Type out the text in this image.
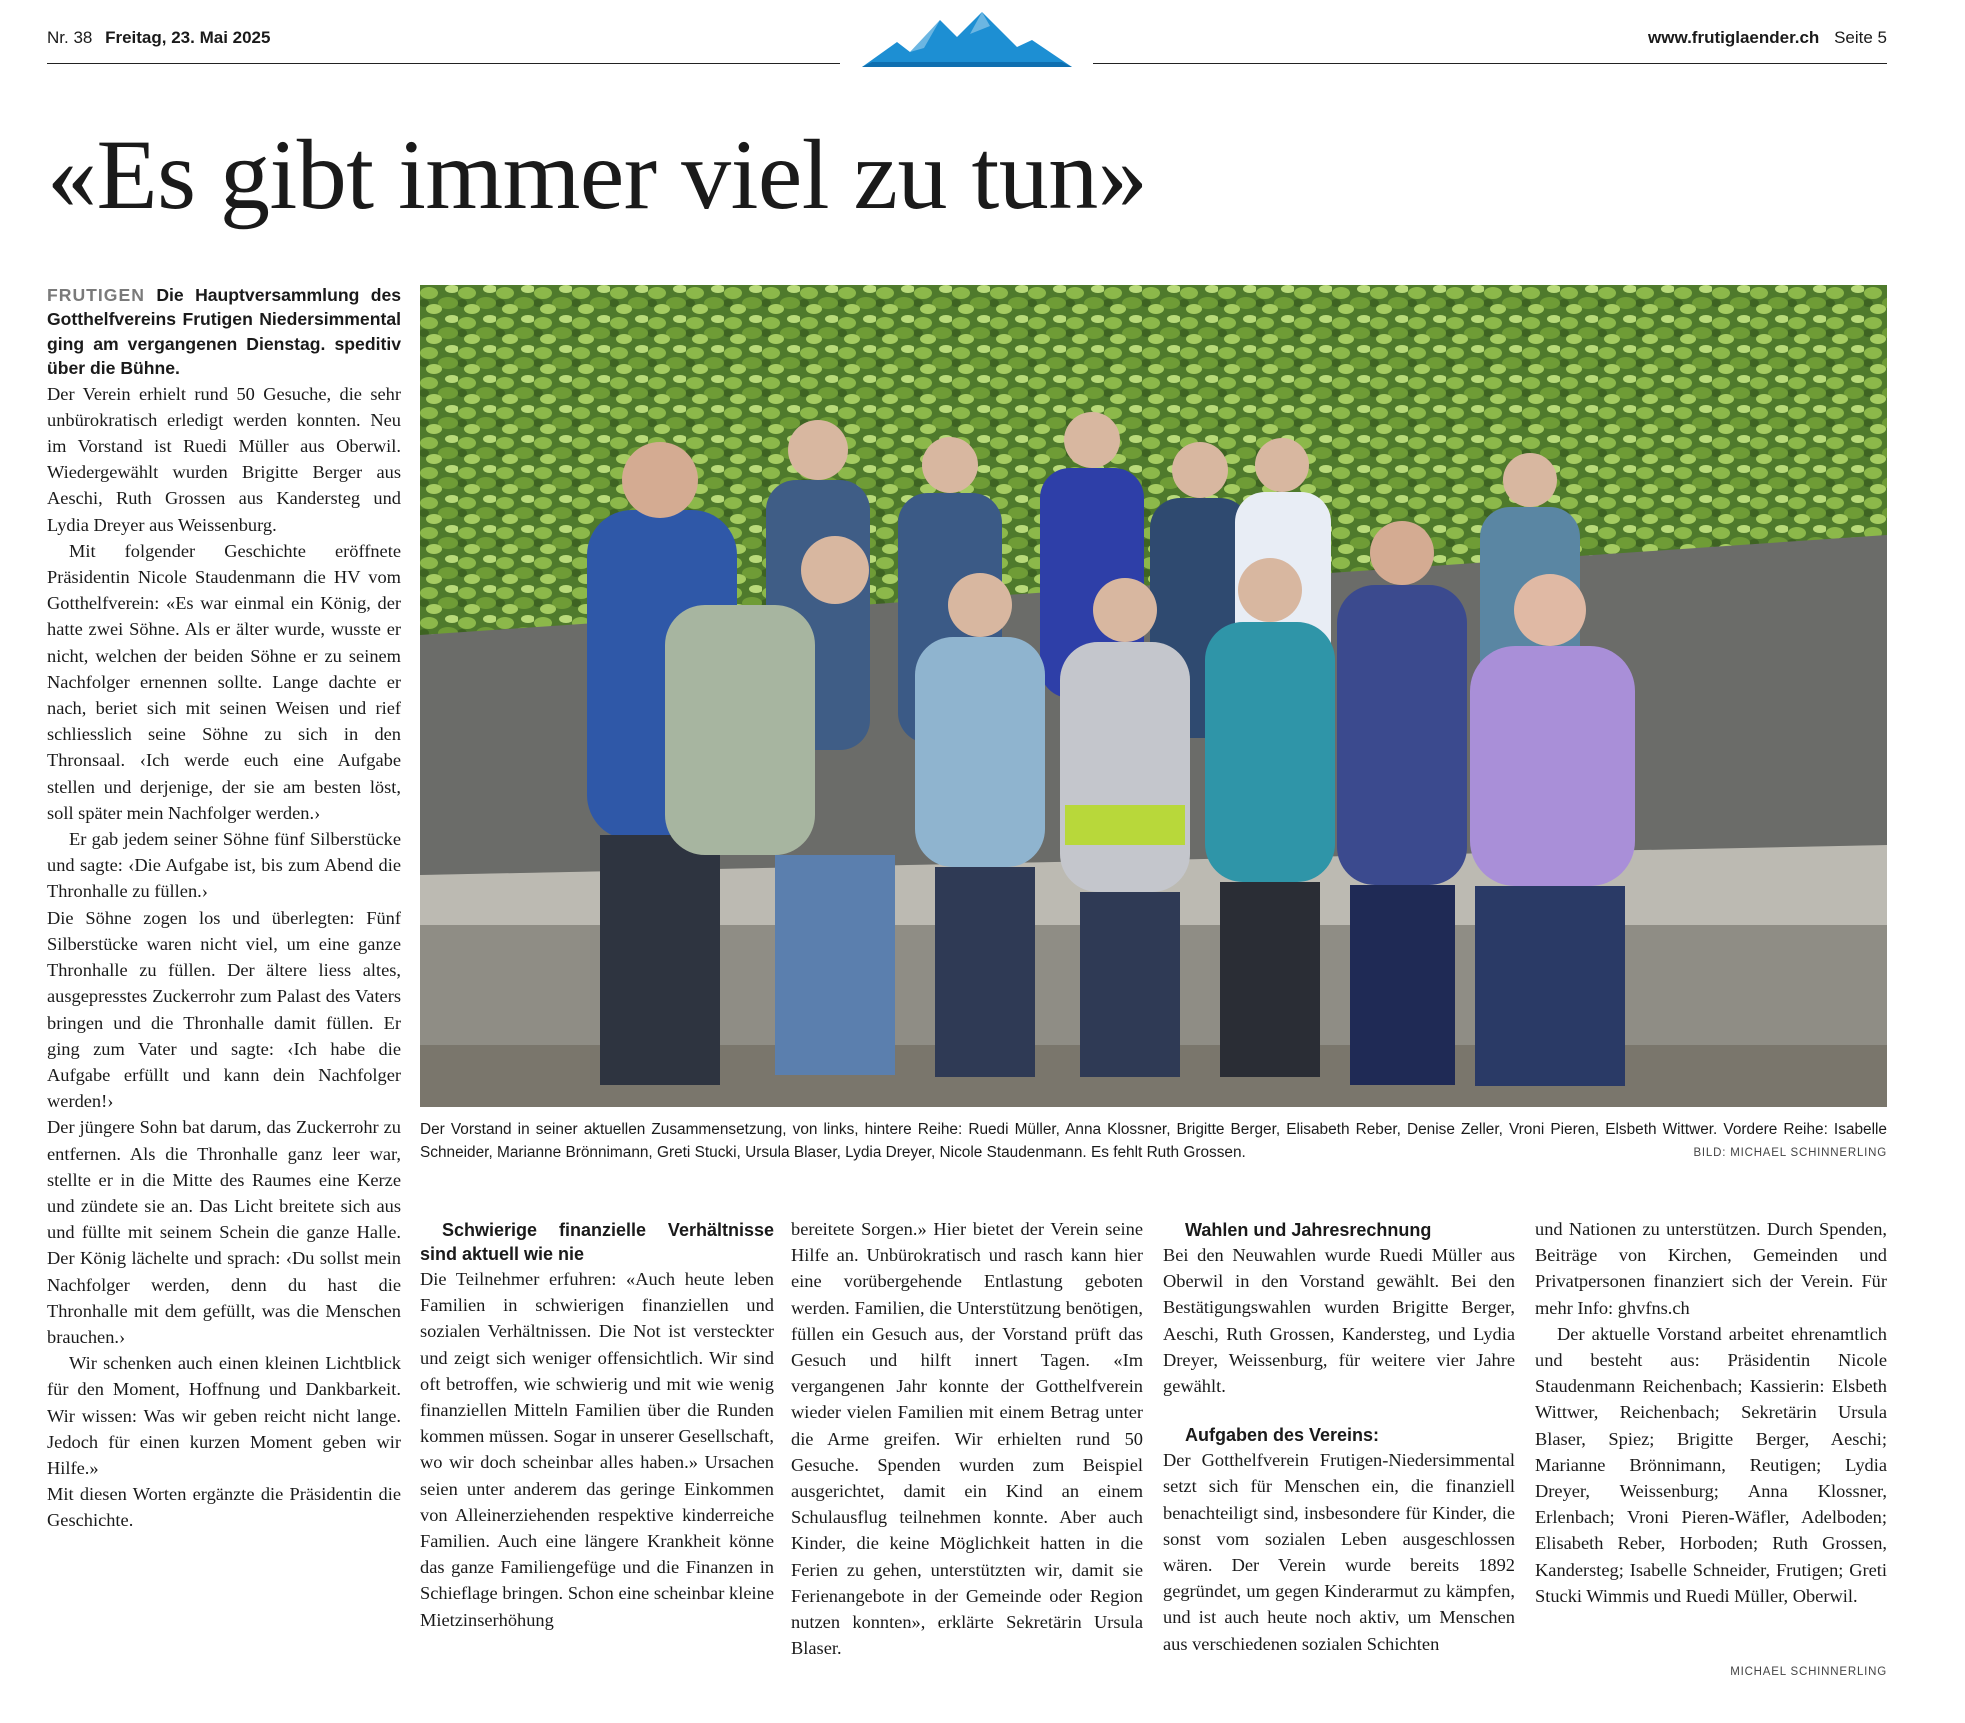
Nr. 38 Freitag, 23. Mai 2025	www.frutiglaender.ch Seite 5
«Es gibt immer viel zu tun»

FRUTIGEN Die Hauptversammlung des Gotthelfvereins Frutigen Niedersimmental ging am vergangenen Dienstag. speditiv über die Bühne.

Der Verein erhielt rund 50 Gesuche, die sehr unbürokratisch erledigt werden konnten. Neu im Vorstand ist Ruedi Müller aus Oberwil. Wiedergewählt wurden Brigitte Berger aus Aeschi, Ruth Grossen aus Kandersteg und Lydia Dreyer aus Weissenburg.

Mit folgender Geschichte eröffnete Präsidentin Nicole Staudenmann die HV vom Gotthelfverein: «Es war einmal ein König, der hatte zwei Söhne. Als er älter wurde, wusste er nicht, welchen der beiden Söhne er zu seinem Nachfolger ernennen sollte. Lange dachte er nach, beriet sich mit seinen Weisen und rief schliesslich seine Söhne zu sich in den Thronsaal. ‹Ich werde euch eine Aufgabe stellen und derjenige, der sie am besten löst, soll später mein Nachfolger werden.›

Er gab jedem seiner Söhne fünf Silberstücke und sagte: ‹Die Aufgabe ist, bis zum Abend die Thronhalle zu füllen.›

Die Söhne zogen los und überlegten: Fünf Silberstücke waren nicht viel, um eine ganze Thronhalle zu füllen. Der ältere liess altes, ausgepresstes Zuckerrohr zum Palast des Vaters bringen und die Thronhalle damit füllen. Er ging zum Vater und sagte: ‹Ich habe die Aufgabe erfüllt und kann dein Nachfolger werden!›

Der jüngere Sohn bat darum, das Zuckerrohr zu entfernen. Als die Thronhalle ganz leer war, stellte er in die Mitte des Raumes eine Kerze und zündete sie an. Das Licht breitete sich aus und füllte mit seinem Schein die ganze Halle. Der König lächelte und sprach: ‹Du sollst mein Nachfolger werden, denn du hast die Thronhalle mit dem gefüllt, was die Menschen brauchen.›

Wir schenken auch einen kleinen Lichtblick für den Moment, Hoffnung und Dankbarkeit. Wir wissen: Was wir geben reicht nicht lange. Jedoch für einen kurzen Moment geben wir Hilfe.»

Mit diesen Worten ergänzte die Präsidentin die Geschichte.

Der Vorstand in seiner aktuellen Zusammensetzung, von links, hintere Reihe: Ruedi Müller, Anna Klossner, Brigitte Berger, Elisabeth Reber, Denise Zeller, Vroni Pieren, Elsbeth Wittwer. Vordere Reihe: Isabelle Schneider, Marianne Brönnimann, Greti Stucki, Ursula Blaser, Lydia Dreyer, Nicole Staudenmann. Es fehlt Ruth Grossen.	BILD: MICHAEL SCHINNERLING

Schwierige finanzielle Verhältnisse sind aktuell wie nie

Die Teilnehmer erfuhren: «Auch heute leben Familien in schwierigen finanziellen und sozialen Verhältnissen. Die Not ist versteckter und zeigt sich weniger offensichtlich. Wir sind oft betroffen, wie schwierig und mit wie wenig finanziellen Mitteln Familien über die Runden kommen müssen. Sogar in unserer Gesellschaft, wo wir doch scheinbar alles haben.» Ursachen seien unter anderem das geringe Einkommen von Alleinerziehenden respektive kinderreiche Familien. Auch eine längere Krankheit könne das ganze Familiengefüge und die Finanzen in Schieflage bringen. Schon eine scheinbar kleine Mietzinserhöhung

bereitete Sorgen.» Hier bietet der Verein seine Hilfe an. Unbürokratisch und rasch kann hier eine vorübergehende Entlastung geboten werden. Familien, die Unterstützung benötigen, füllen ein Gesuch aus, der Vorstand prüft das Gesuch und hilft innert Tagen. «Im vergangenen Jahr konnte der Gotthelfverein wieder vielen Familien mit einem Betrag unter die Arme greifen. Wir erhielten rund 50 Gesuche. Spenden wurden zum Beispiel ausgerichtet, damit ein Kind an einem Schulausflug teilnehmen konnte. Aber auch Kinder, die keine Möglichkeit hatten in die Ferien zu gehen, unterstützten wir, damit sie Ferienangebote in der Gemeinde oder Region nutzen konnten», erklärte Sekretärin Ursula Blaser.

Wahlen und Jahresrechnung

Bei den Neuwahlen wurde Ruedi Müller aus Oberwil in den Vorstand gewählt. Bei den Bestätigungswahlen wurden Brigitte Berger, Aeschi, Ruth Grossen, Kandersteg, und Lydia Dreyer, Weissenburg, für weitere vier Jahre gewählt.

Aufgaben des Vereins:

Der Gotthelfverein Frutigen-Niedersimmental setzt sich für Menschen ein, die finanziell benachteiligt sind, insbesondere für Kinder, die sonst vom sozialen Leben ausgeschlossen wären. Der Verein wurde bereits 1892 gegründet, um gegen Kinderarmut zu kämpfen, und ist auch heute noch aktiv, um Menschen aus verschiedenen sozialen Schichten

und Nationen zu unterstützen. Durch Spenden, Beiträge von Kirchen, Gemeinden und Privatpersonen finanziert sich der Verein. Für mehr Info: ghvfns.ch

Der aktuelle Vorstand arbeitet ehrenamtlich und besteht aus: Präsidentin Nicole Staudenmann Reichenbach; Kassierin: Elsbeth Wittwer, Reichenbach; Sekretärin Ursula Blaser, Spiez; Brigitte Berger, Aeschi; Marianne Brönnimann, Reutigen; Lydia Dreyer, Weissenburg; Anna Klossner, Erlenbach; Vroni Pieren-Wäfler, Adelboden; Elisabeth Reber, Horboden; Ruth Grossen, Kandersteg; Isabelle Schneider, Frutigen; Greti Stucki Wimmis und Ruedi Müller, Oberwil.

MICHAEL SCHINNERLING
